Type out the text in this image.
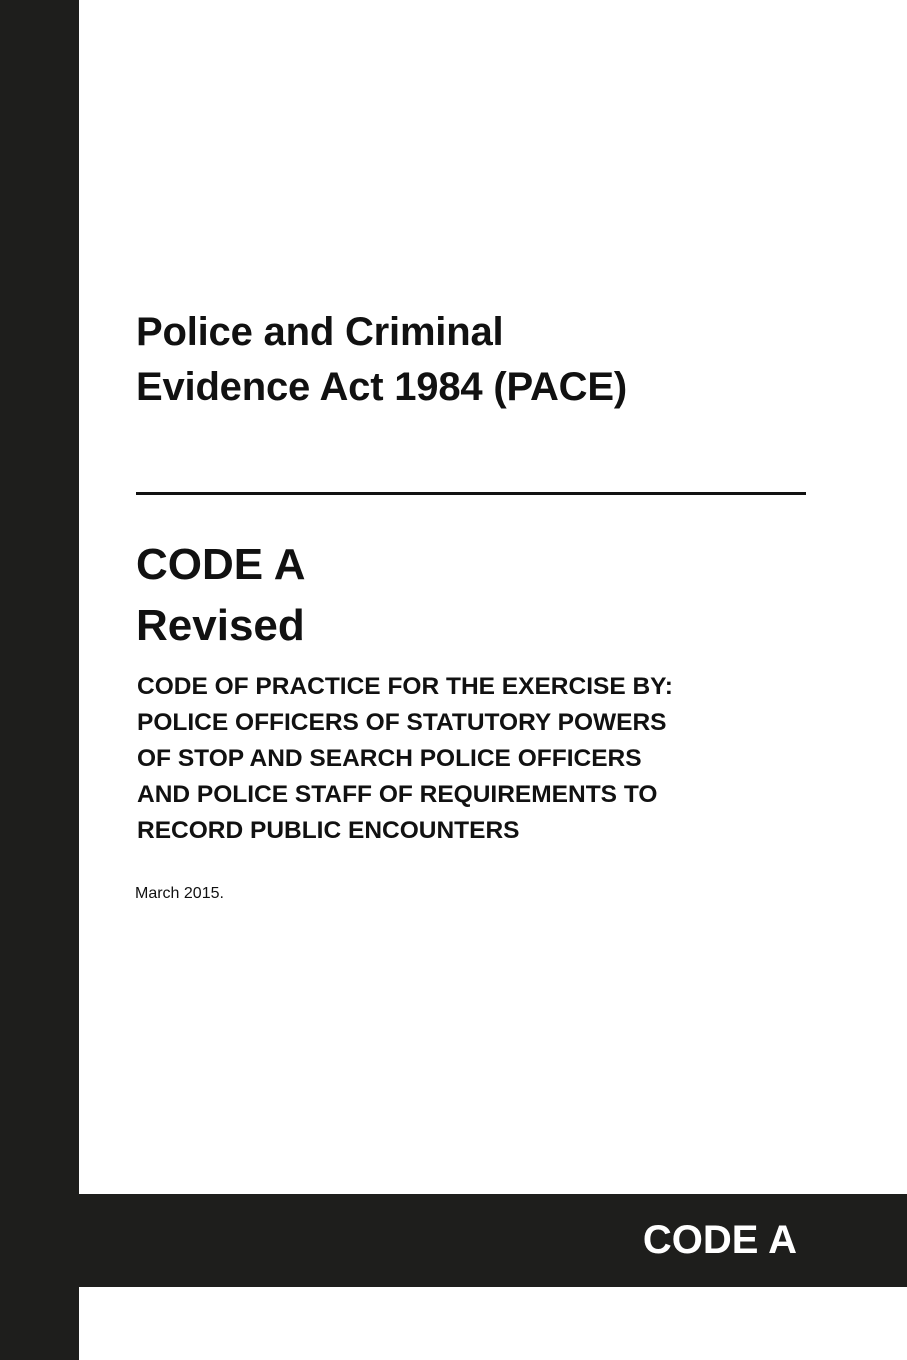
Police and Criminal
Evidence Act 1984 (PACE)
CODE A
Revised

CODE OF PRACTICE FOR THE EXERCISE BY:
POLICE OFFICERS OF STATUTORY POWERS
OF STOP AND SEARCH POLICE OFFICERS
AND POLICE STAFF OF REQUIREMENTS TO
RECORD PUBLIC ENCOUNTERS

March 2015.

CODE A
